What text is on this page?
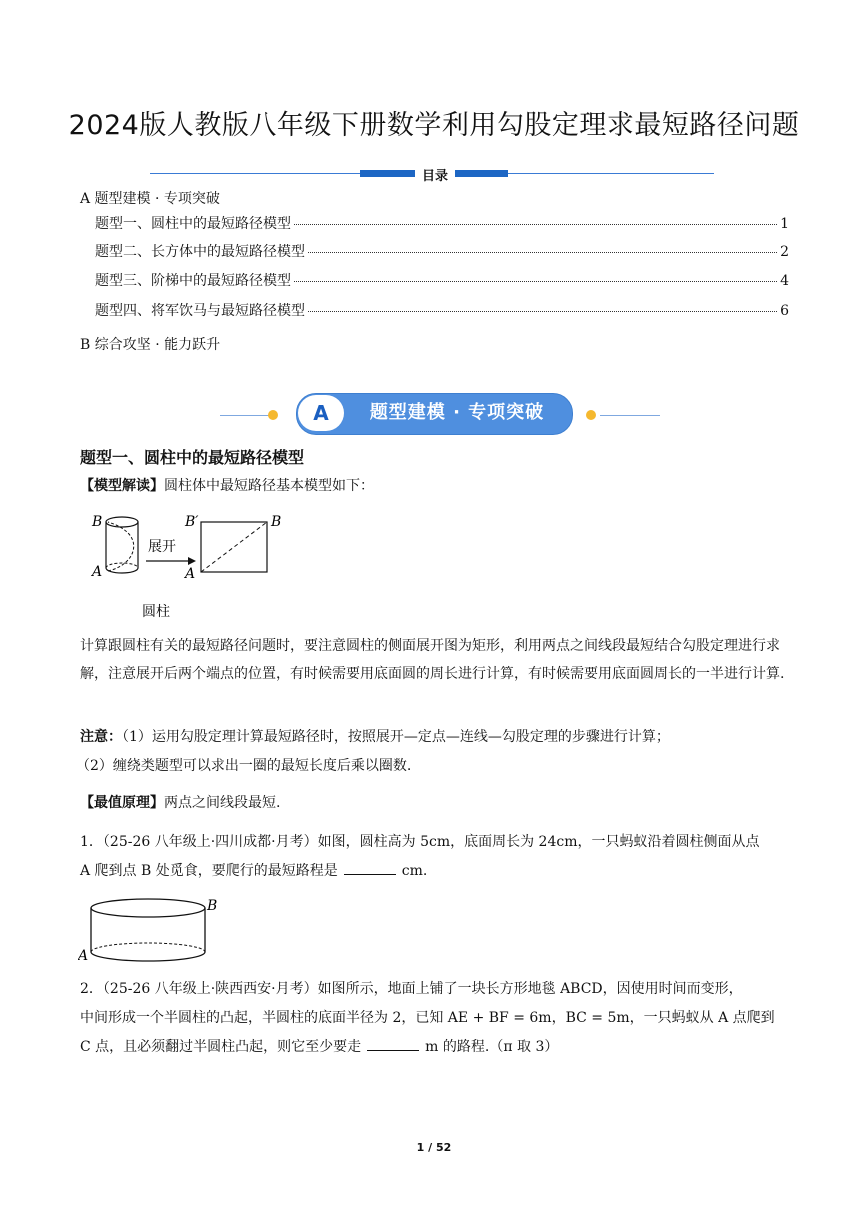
2024版人教版八年级下册数学利用勾股定理求最短路径问题
目录
A 题型建模 · 专项突破
题型一、圆柱中的最短路径模型	1
题型二、长方体中的最短路径模型	2
题型三、阶梯中的最短路径模型	4
题型四、将军饮马与最短路径模型	6
B 综合攻坚 · 能力跃升
A	题型建模 · 专项突破
题型一、圆柱中的最短路径模型
【模型解读】圆柱体中最短路径基本模型如下：
B
A
展开
B′	B
A
圆柱
计算跟圆柱有关的最短路径问题时，要注意圆柱的侧面展开图为矩形，利用两点之间线段最短结合勾股定理进行求解，注意展开后两个端点的位置，有时候需要用底面圆的周长进行计算，有时候需要用底面圆周长的一半进行计算.
注意：（1）运用勾股定理计算最短路径时，按照展开—定点—连线—勾股定理的步骤进行计算；
（2）缠绕类题型可以求出一圈的最短长度后乘以圈数.
【最值原理】两点之间线段最短.
1．（25-26 八年级上·四川成都·月考）如图，圆柱高为 5cm，底面周长为 24cm，一只蚂蚁沿着圆柱侧面从点
A 爬到点 B 处觅食，要爬行的最短路程是	cm.
B
A
2．（25-26 八年级上·陕西西安·月考）如图所示，地面上铺了一块长方形地毯 ABCD，因使用时间而变形，
中间形成一个半圆柱的凸起，半圆柱的底面半径为 2，已知 AE + BF = 6m，BC = 5m，一只蚂蚁从 A 点爬到
C 点，且必须翻过半圆柱凸起，则它至少要走	m 的路程.（π 取 3）
1 / 52
